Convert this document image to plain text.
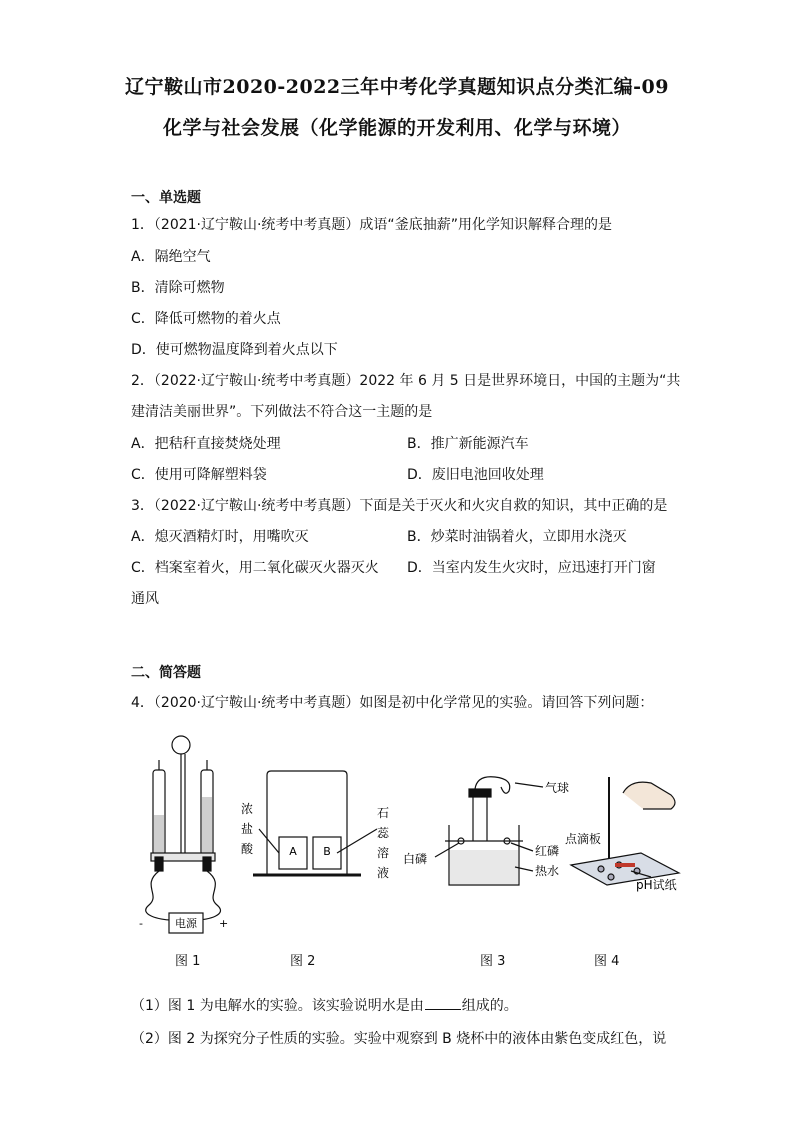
辽宁鞍山市2020-2022三年中考化学真题知识点分类汇编-09
化学与社会发展（化学能源的开发利用、化学与环境）
一、单选题
1．（2021·辽宁鞍山·统考中考真题）成语“釜底抽薪”用化学知识解释合理的是
A．隔绝空气
B．清除可燃物
C．降低可燃物的着火点
D．使可燃物温度降到着火点以下
2．（2022·辽宁鞍山·统考中考真题）2022 年 6 月 5 日是世界环境日，中国的主题为“共
建清洁美丽世界”。下列做法不符合这一主题的是
A．把秸秆直接焚烧处理	B．推广新能源汽车
C．使用可降解塑料袋	D．废旧电池回收处理
3．（2022·辽宁鞍山·统考中考真题）下面是关于灭火和火灾自救的知识，其中正确的是
A．熄灭酒精灯时，用嘴吹灭	B．炒菜时油锅着火，立即用水浇灭
C．档案室着火，用二氧化碳灭火器灭火 D．当室内发生火灾时，应迅速打开门窗
通风
二、简答题
4．（2020·辽宁鞍山·统考中考真题）如图是初中化学常见的实验。请回答下列问题：
电源
-	+
A B
浓
盐
酸
石
蕊
溶
液
气球
白磷
红磷
热水
点滴板
pH试纸
图 1	图 2	图 3	图 4
（1）图 1 为电解水的实验。该实验说明水是由	组成的。
（2）图 2 为探究分子性质的实验。实验中观察到 B 烧杯中的液体由紫色变成红色，说
